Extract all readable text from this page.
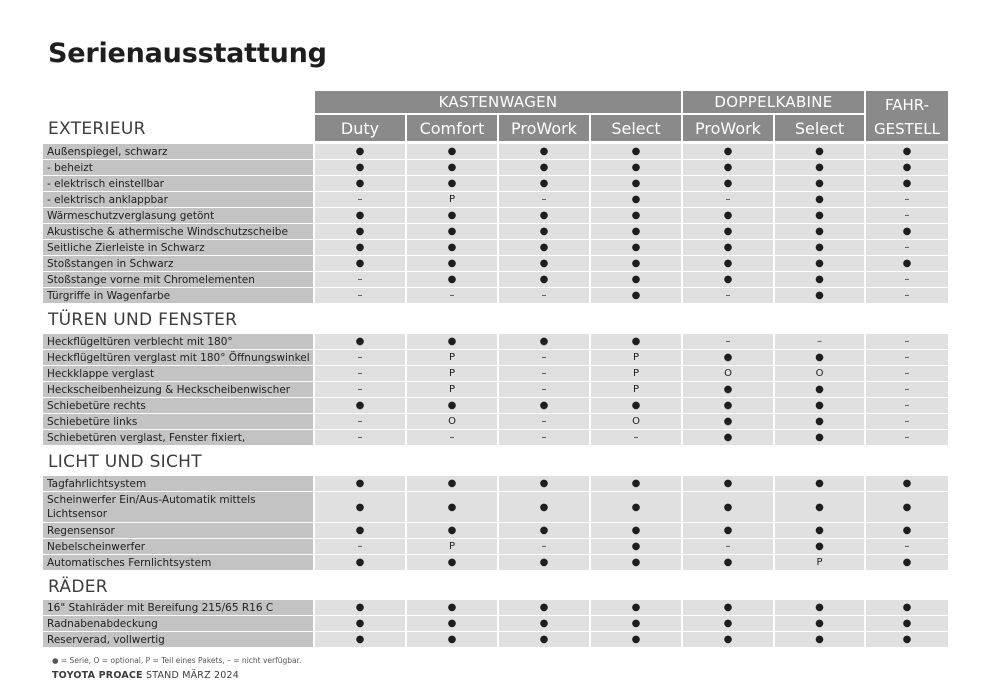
Serienausstattung
KASTENWAGEN	DOPPELKABINE	FAHR-
GESTELL
Duty	Comfort	ProWork	Select	ProWork	Select
EXTERIEUR
Außenspiegel, schwarz	●	●	●	●	●	●	●
- beheizt	●	●	●	●	●	●	●
- elektrisch einstellbar	●	●	●	●	●	●	●
- elektrisch anklappbar	–	P	–	●	–	●	–
Wärmeschutzverglasung getönt	●	●	●	●	●	●	–
Akustische & athermische Windschutzscheibe	●	●	●	●	●	●	●
Seitliche Zierleiste in Schwarz	●	●	●	●	●	●	–
Stoßstangen in Schwarz	●	●	●	●	●	●	●
Stoßstange vorne mit Chromelementen	–	●	●	●	●	●	–
Türgriffe in Wagenfarbe	–	–	–	●	–	●	–
TÜREN UND FENSTER
Heckflügeltüren verblecht mit 180°	●	●	●	●	–	–	–
Heckflügeltüren verglast mit 180° Öffnungswinkel	–	P	–	P	●	●	–
Heckklappe verglast	–	P	–	P	O	O	–
Heckscheibenheizung & Heckscheibenwischer	–	P	–	P	●	●	–
Schiebetüre rechts	●	●	●	●	●	●	–
Schiebetüre links	–	O	–	O	●	●	–
Schiebetüren verglast, Fenster fixiert,	–	–	–	–	●	●	–
LICHT UND SICHT
Tagfahrlichtsystem	●	●	●	●	●	●	●
Scheinwerfer Ein/Aus-Automatik mittels Lichtsensor
●	●	●	●	●	●	●
Regensensor	●	●	●	●	●	●	●
Nebelscheinwerfer	–	P	–	●	–	●	–
Automatisches Fernlichtsystem	●	●	●	●	●	P	●
RÄDER
16" Stahlräder mit Bereifung 215/65 R16 C	●	●	●	●	●	●	●
Radnabenabdeckung	●	●	●	●	●	●	●
Reserverad, vollwertig	●	●	●	●	●	●	●
● = Serie, O = optional, P = Teil eines Pakets, – = nicht verfügbar.
TOYOTA PROACE STAND MÄRZ 2024
